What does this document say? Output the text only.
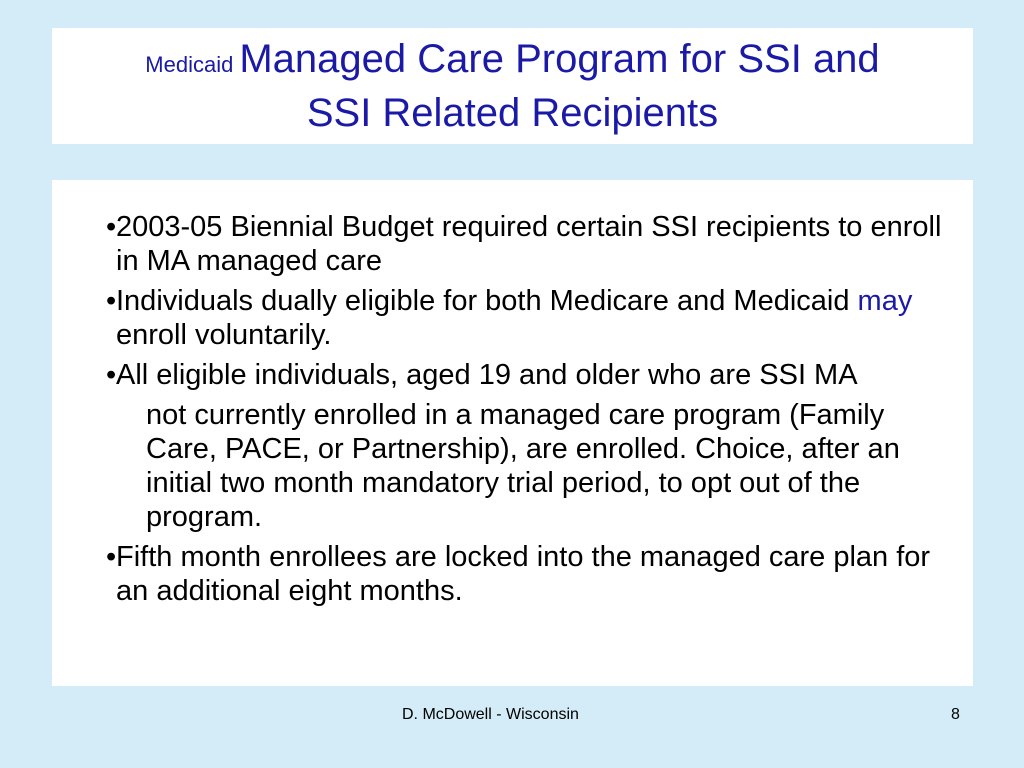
Medicaid Managed Care Program for SSI and
SSI Related Recipients
• 2003-05 Biennial Budget required certain SSI recipients to enroll in MA managed care
• Individuals dually eligible for both Medicare and Medicaid may enroll voluntarily.
• All eligible individuals, aged 19 and older who are SSI MA
not currently enrolled in a managed care program (Family Care, PACE, or Partnership), are enrolled. Choice, after an initial two month mandatory trial period, to opt out of the program.
• Fifth month enrollees are locked into the managed care plan for an additional eight months.
D. McDowell - Wisconsin	8
